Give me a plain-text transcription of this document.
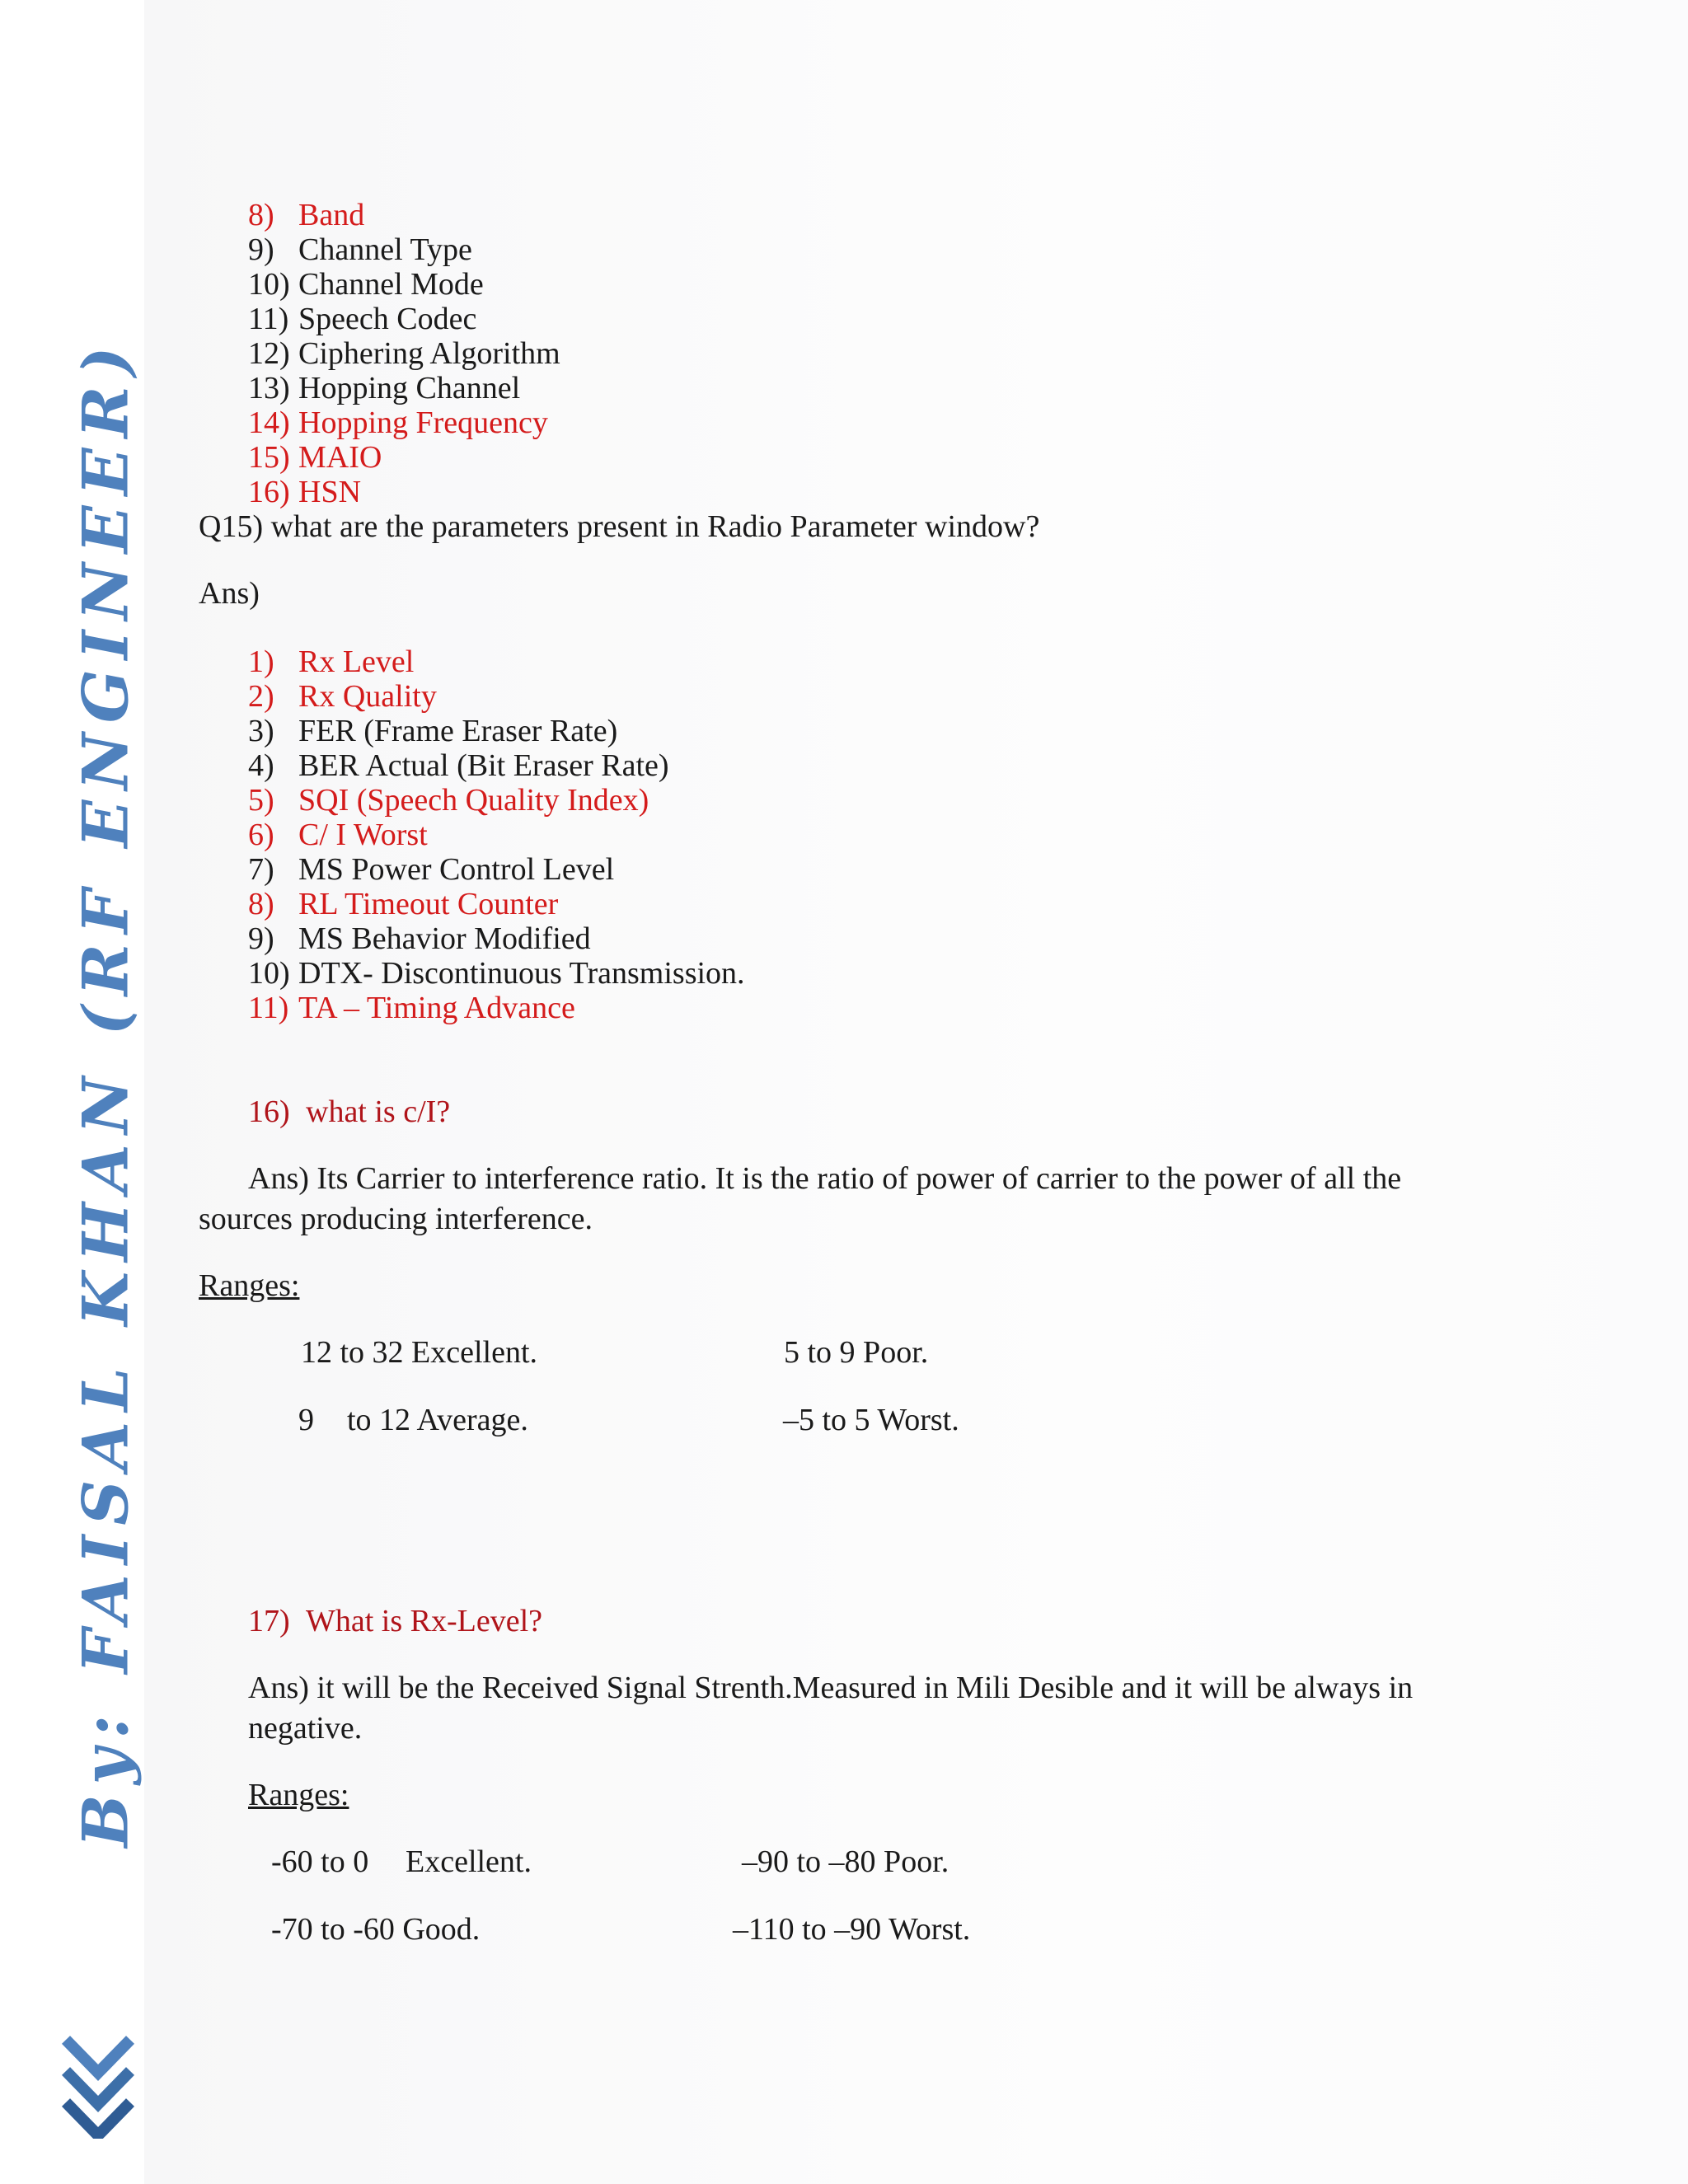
By: FAISAL KHAN (RF ENGINEER)
8) Band
9) Channel Type
10) Channel Mode
11) Speech Codec
12) Ciphering Algorithm
13) Hopping Channel
14) Hopping Frequency
15) MAIO
16) HSN
Q15) what are the parameters present in Radio Parameter window?
Ans)
1) Rx Level
2) Rx Quality
3) FER (Frame Eraser Rate)
4) BER Actual (Bit Eraser Rate)
5) SQI (Speech Quality Index)
6) C/ I Worst
7) MS Power Control Level
8) RL Timeout Counter
9) MS Behavior Modified
10) DTX- Discontinuous Transmission.
11) TA – Timing Advance
16) what is c/I?
Ans) Its Carrier to interference ratio. It is the ratio of power of carrier to the power of all the
sources producing interference.
Ranges:
12 to 32 Excellent.	5 to 9 Poor.
9 to 12 Average.	–5 to 5 Worst.
17) What is Rx-Level?
Ans) it will be the Received Signal Strenth.Measured in Mili Desible and it will be always in
negative.
Ranges:
-60 to 0 Excellent.	–90 to –80 Poor.
-70 to -60 Good.	–110 to –90 Worst.
